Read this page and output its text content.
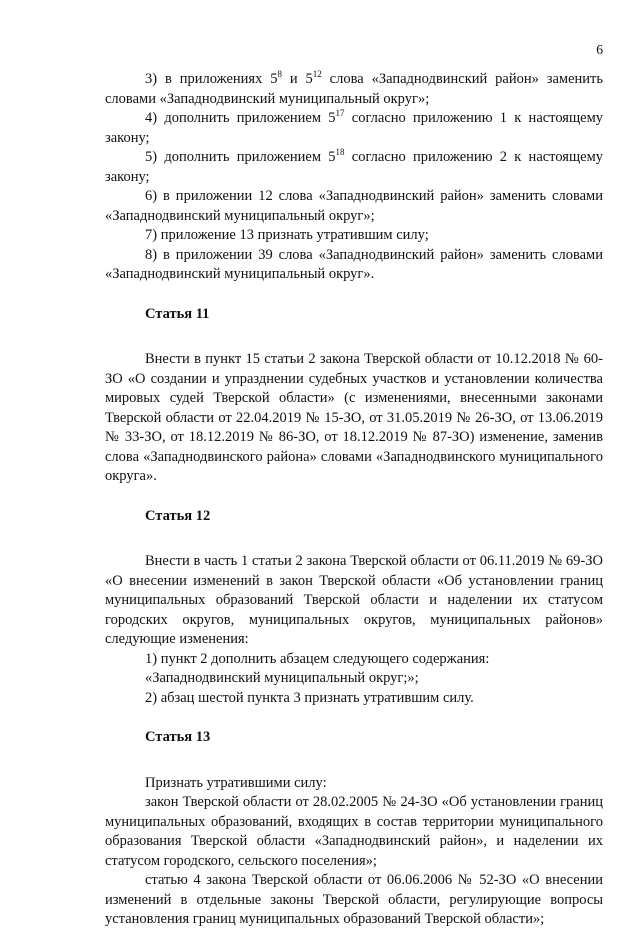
6

3) в приложениях $5^8$ и $5^{12}$ слова «Западнодвинский район» заменить словами «Западнодвинский муниципальный округ»;

4) дополнить приложением $5^{17}$ согласно приложению 1 к настоящему закону;

5) дополнить приложением $5^{18}$ согласно приложению 2 к настоящему закону;

6) в приложении 12 слова «Западнодвинский район» заменить словами «Западнодвинский муниципальный округ»;

7) приложение 13 признать утратившим силу;

8) в приложении 39 слова «Западнодвинский район» заменить словами «Западнодвинский муниципальный округ».

Статья 11

Внести в пункт 15 статьи 2 закона Тверской области от 10.12.2018 № 60-ЗО «О создании и упразднении судебных участков и установлении количества мировых судей Тверской области» (с изменениями, внесенными законами Тверской области от 22.04.2019 № 15-ЗО, от 31.05.2019 № 26-ЗО, от 13.06.2019 № 33-ЗО, от 18.12.2019 № 86-ЗО, от 18.12.2019 № 87-ЗО) изменение, заменив слова «Западнодвинского района» словами «Западнодвинского муниципального округа».

Статья 12

Внести в часть 1 статьи 2 закона Тверской области от 06.11.2019 № 69-ЗО «О внесении изменений в закон Тверской области «Об установлении границ муниципальных образований Тверской области и наделении их статусом городских округов, муниципальных округов, муниципальных районов» следующие изменения:

1) пункт 2 дополнить абзацем следующего содержания:

«Западнодвинский муниципальный округ;»;

2) абзац шестой пункта 3 признать утратившим силу.

Статья 13

Признать утратившими силу:

закон Тверской области от 28.02.2005 № 24-ЗО «Об установлении границ муниципальных образований, входящих в состав территории муниципального образования Тверской области «Западнодвинский район», и наделении их статусом городского, сельского поселения»;

статью 4 закона Тверской области от 06.06.2006 № 52-ЗО «О внесении изменений в отдельные законы Тверской области, регулирующие вопросы установления границ муниципальных образований Тверской области»;
